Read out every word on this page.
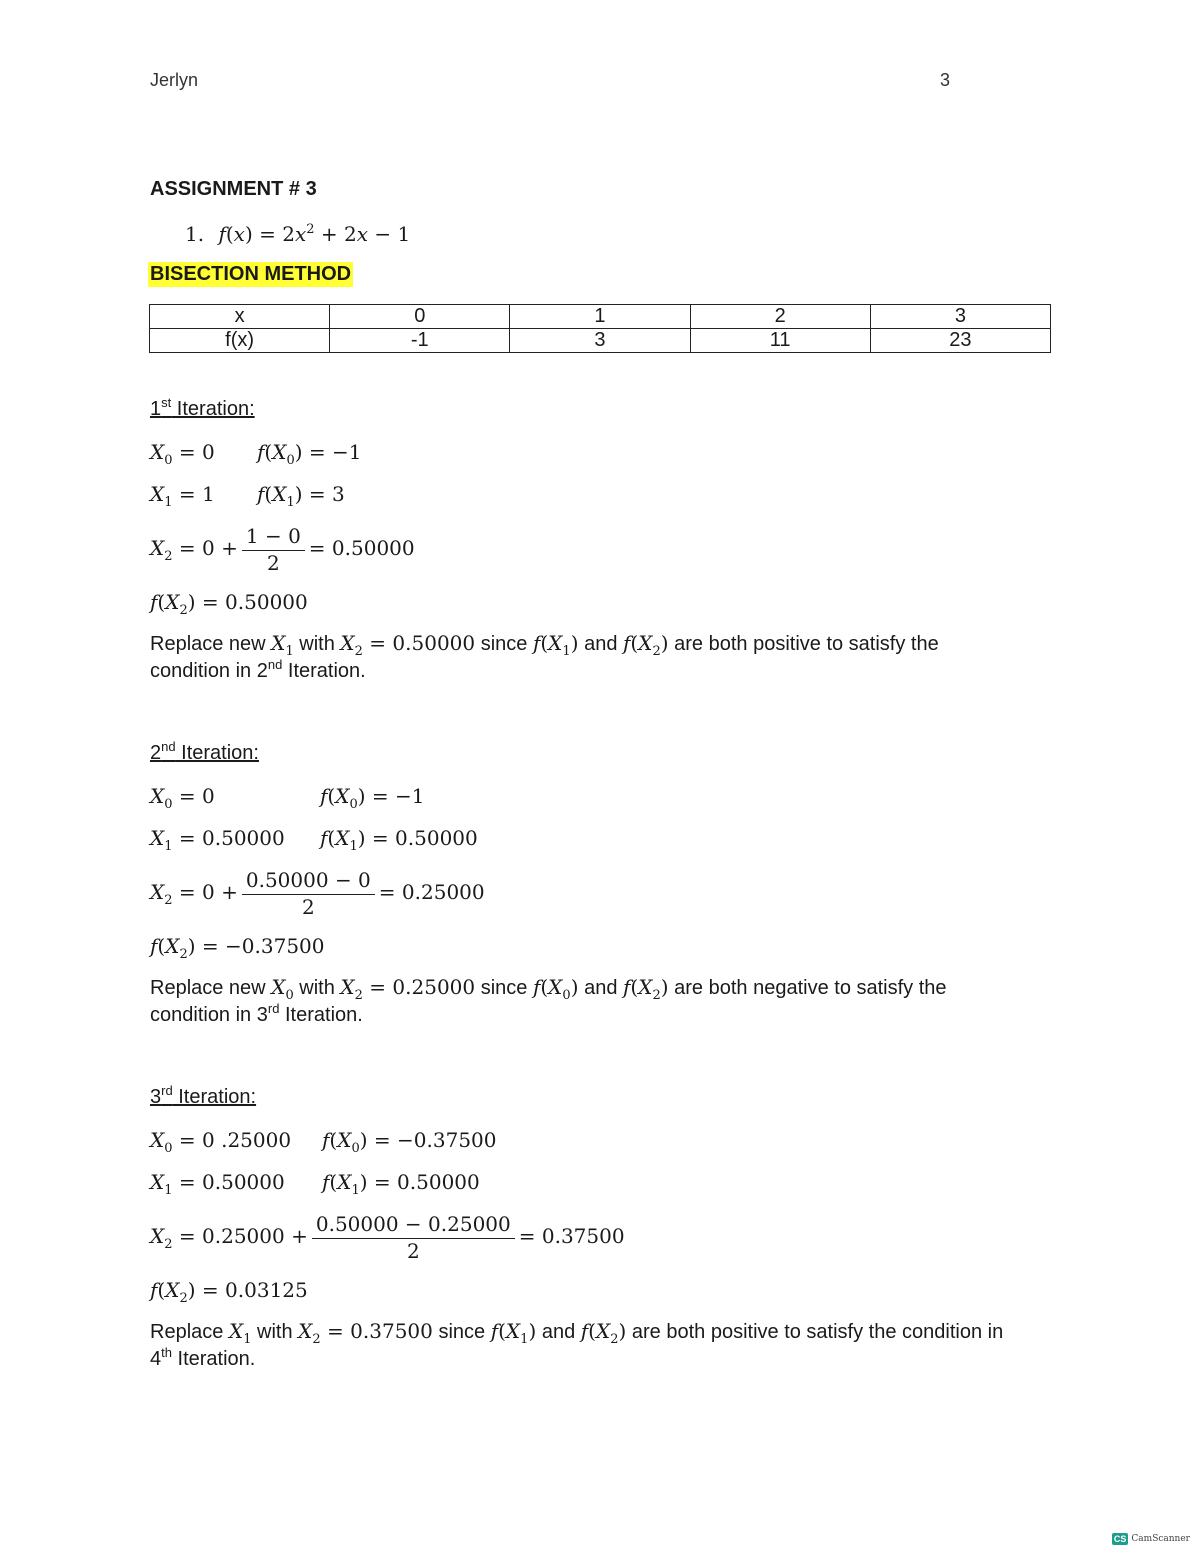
Jerlyn	3
ASSIGNMENT # 3
1. $f(x) = 2x^2 + 2x - 1$
BISECTION METHOD
x	0	1	2	3
f(x)	-1	3	11	23
1st Iteration:
$X_0 = 0$ $f(X_0) = -1$
$X_1 = 1$ $f(X_1) = 3$
$X_2 = 0 + \frac{1 - 0}{2} = 0.50000$
$f(X_2) = 0.50000$
Replace new $X_1$ with $X_2 = 0.50000$ since $f(X_1)$ and $f(X_2)$ are both positive to satisfy the
condition in 2nd Iteration.
2nd Iteration:
$X_0 = 0$	$f(X_0) = -1$
$X_1 = 0.50000$ $f(X_1) = 0.50000$
$X_2 = 0 + \frac{0.50000 - 0}{2} = 0.25000$
$f(X_2) = -0.37500$
Replace new $X_0$ with $X_2 = 0.25000$ since $f(X_0)$ and $f(X_2)$ are both negative to satisfy the
condition in 3rd Iteration.
3rd Iteration:
$X_0 = 0$ .25000 $f(X_0) = -0.37500$
$X_1 = 0.50000$ $f(X_1) = 0.50000$
$X_2 = 0.25000 + \frac{0.50000 - 0.25000}{2} = 0.37500$
$f(X_2) = 0.03125$
Replace $X_1$ with $X_2 = 0.37500$ since $f(X_1)$ and $f(X_2)$ are both positive to satisfy the condition in
4th Iteration.
CS CamScanner
